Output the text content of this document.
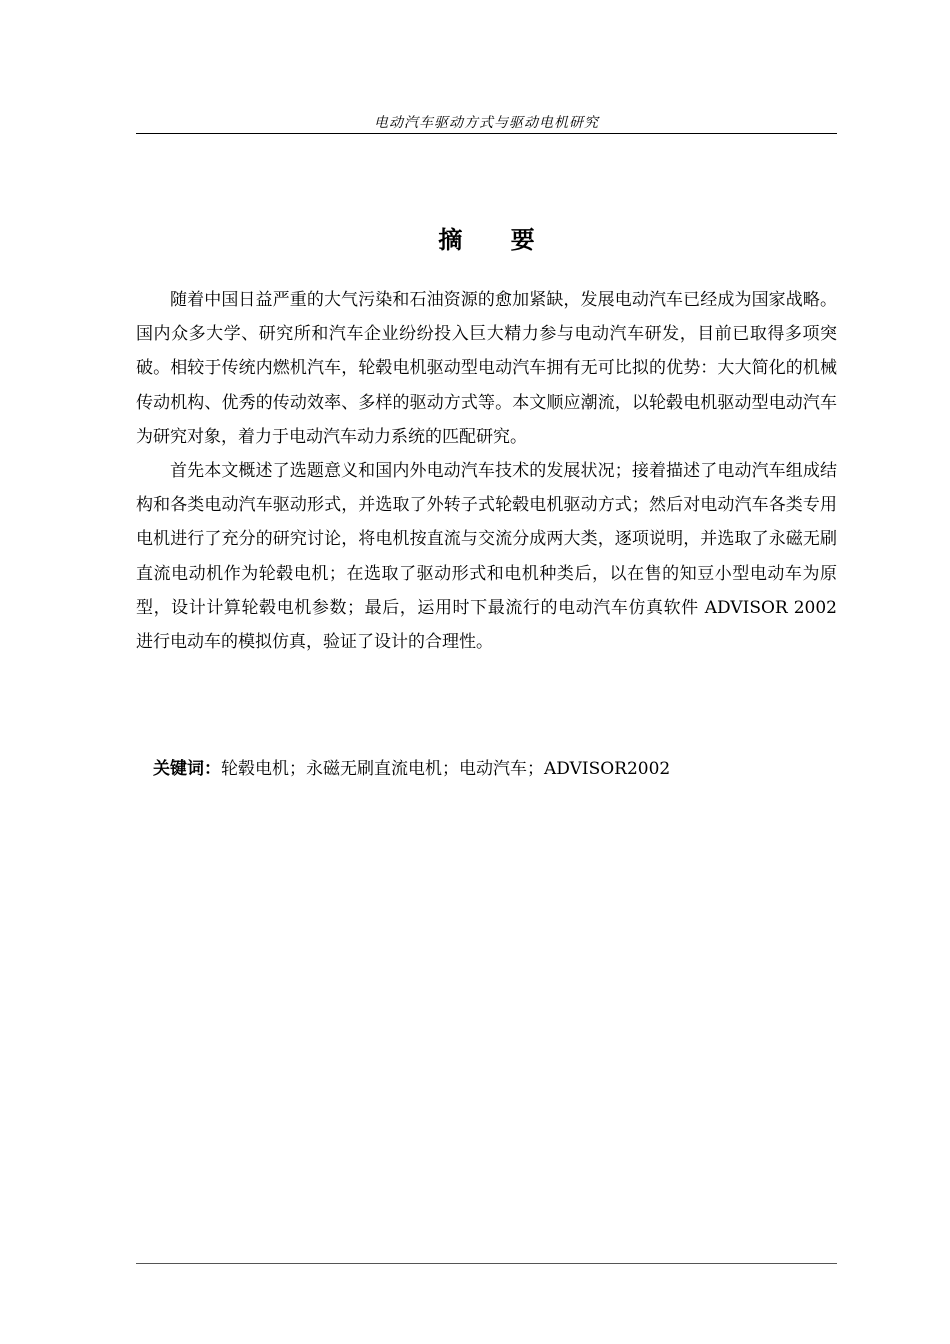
电动汽车驱动方式与驱动电机研究
摘 要

随着中国日益严重的大气污染和石油资源的愈加紧缺，发展电动汽车已经成为国家战略。国内众多大学、研究所和汽车企业纷纷投入巨大精力参与电动汽车研发，目前已取得多项突破。相较于传统内燃机汽车，轮毂电机驱动型电动汽车拥有无可比拟的优势：大大简化的机械传动机构、优秀的传动效率、多样的驱动方式等。本文顺应潮流，以轮毂电机驱动型电动汽车为研究对象，着力于电动汽车动力系统的匹配研究。

首先本文概述了选题意义和国内外电动汽车技术的发展状况；接着描述了电动汽车组成结构和各类电动汽车驱动形式，并选取了外转子式轮毂电机驱动方式；然后对电动汽车各类专用电机进行了充分的研究讨论，将电机按直流与交流分成两大类，逐项说明，并选取了永磁无刷直流电动机作为轮毂电机；在选取了驱动形式和电机种类后，以在售的知豆小型电动车为原型，设计计算轮毂电机参数；最后，运用时下最流行的电动汽车仿真软件 ADVISOR 2002 进行电动车的模拟仿真，验证了设计的合理性。

关键词：轮毂电机；永磁无刷直流电机；电动汽车；ADVISOR2002
